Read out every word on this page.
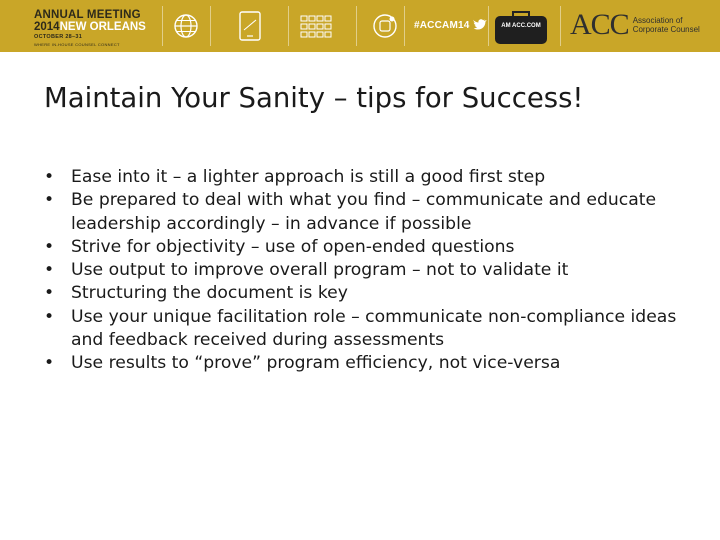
ANNUAL MEETING
2014NEW ORLEANS
OCTOBER 28–31
WHERE IN-HOUSE COUNSEL CONNECT
#ACCAM14	AM ACC.COM ACC Association of
Corporate Counsel
Maintain Your Sanity – tips for Success!
• Ease into it – a lighter approach is still a good first step
• Be prepared to deal with what you find – communicate and educate leadership accordingly – in advance if possible
• Strive for objectivity – use of open-ended questions
• Use output to improve overall program – not to validate it
• Structuring the document is key
• Use your unique facilitation role – communicate non-compliance ideas and feedback received during assessments
• Use results to “prove” program efficiency, not vice-versa
